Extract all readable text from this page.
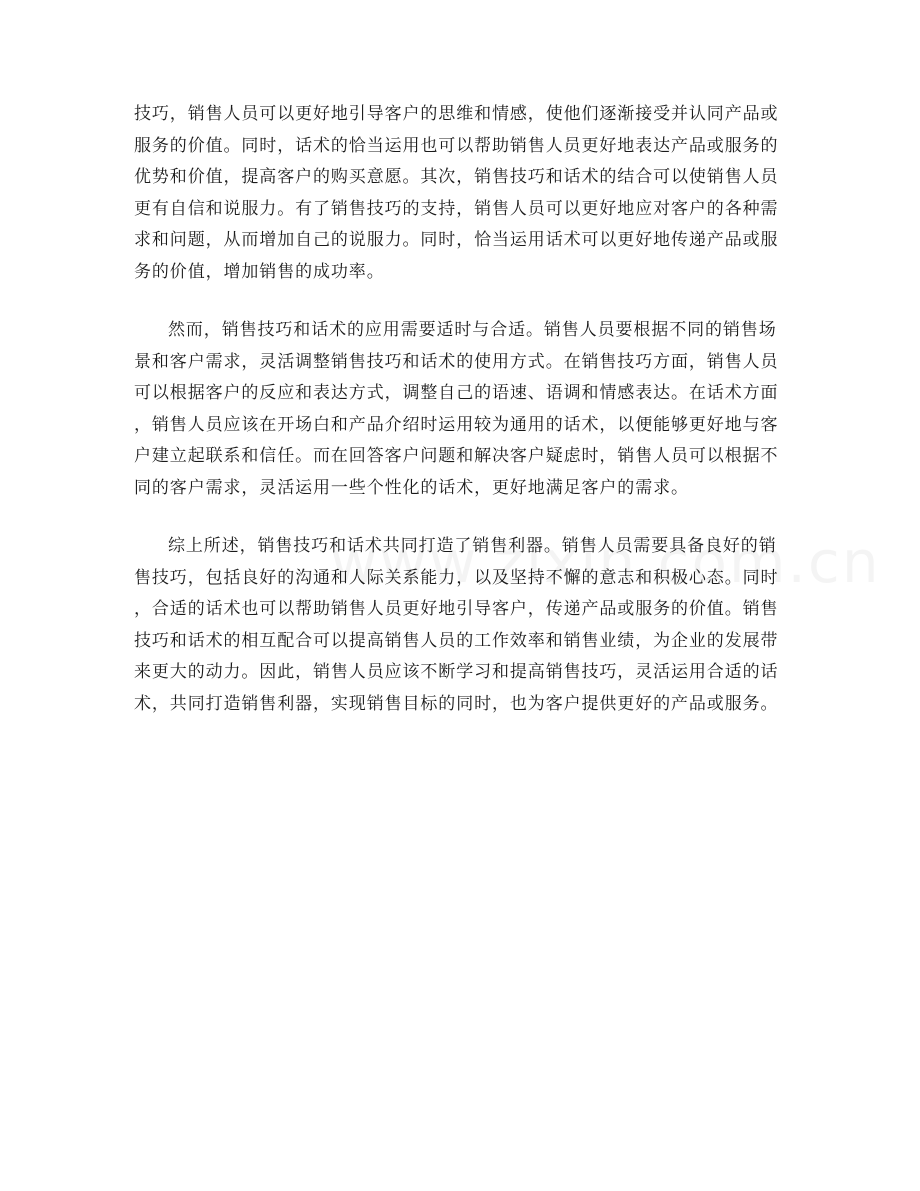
技巧，销售人员可以更好地引导客户的思维和情感，使他们逐渐接受并认同产品或
服务的价值。同时，话术的恰当运用也可以帮助销售人员更好地表达产品或服务的
优势和价值，提高客户的购买意愿。其次，销售技巧和话术的结合可以使销售人员
更有自信和说服力。有了销售技巧的支持，销售人员可以更好地应对客户的各种需
求和问题，从而增加自己的说服力。同时，恰当运用话术可以更好地传递产品或服
务的价值，增加销售的成功率。
然而，销售技巧和话术的应用需要适时与合适。销售人员要根据不同的销售场
景和客户需求，灵活调整销售技巧和话术的使用方式。在销售技巧方面，销售人员
可以根据客户的反应和表达方式，调整自己的语速、语调和情感表达。在话术方面
，销售人员应该在开场白和产品介绍时运用较为通用的话术，以便能够更好地与客
户建立起联系和信任。而在回答客户问题和解决客户疑虑时，销售人员可以根据不
同的客户需求，灵活运用一些个性化的话术，更好地满足客户的需求。
综上所述，销售技巧和话术共同打造了销售利器。销售人员需要具备良好的销
售技巧，包括良好的沟通和人际关系能力，以及坚持不懈的意志和积极心态。同时
，合适的话术也可以帮助销售人员更好地引导客户，传递产品或服务的价值。销售
技巧和话术的相互配合可以提高销售人员的工作效率和销售业绩，为企业的发展带
来更大的动力。因此，销售人员应该不断学习和提高销售技巧，灵活运用合适的话
术，共同打造销售利器，实现销售目标的同时，也为客户提供更好的产品或服务。
